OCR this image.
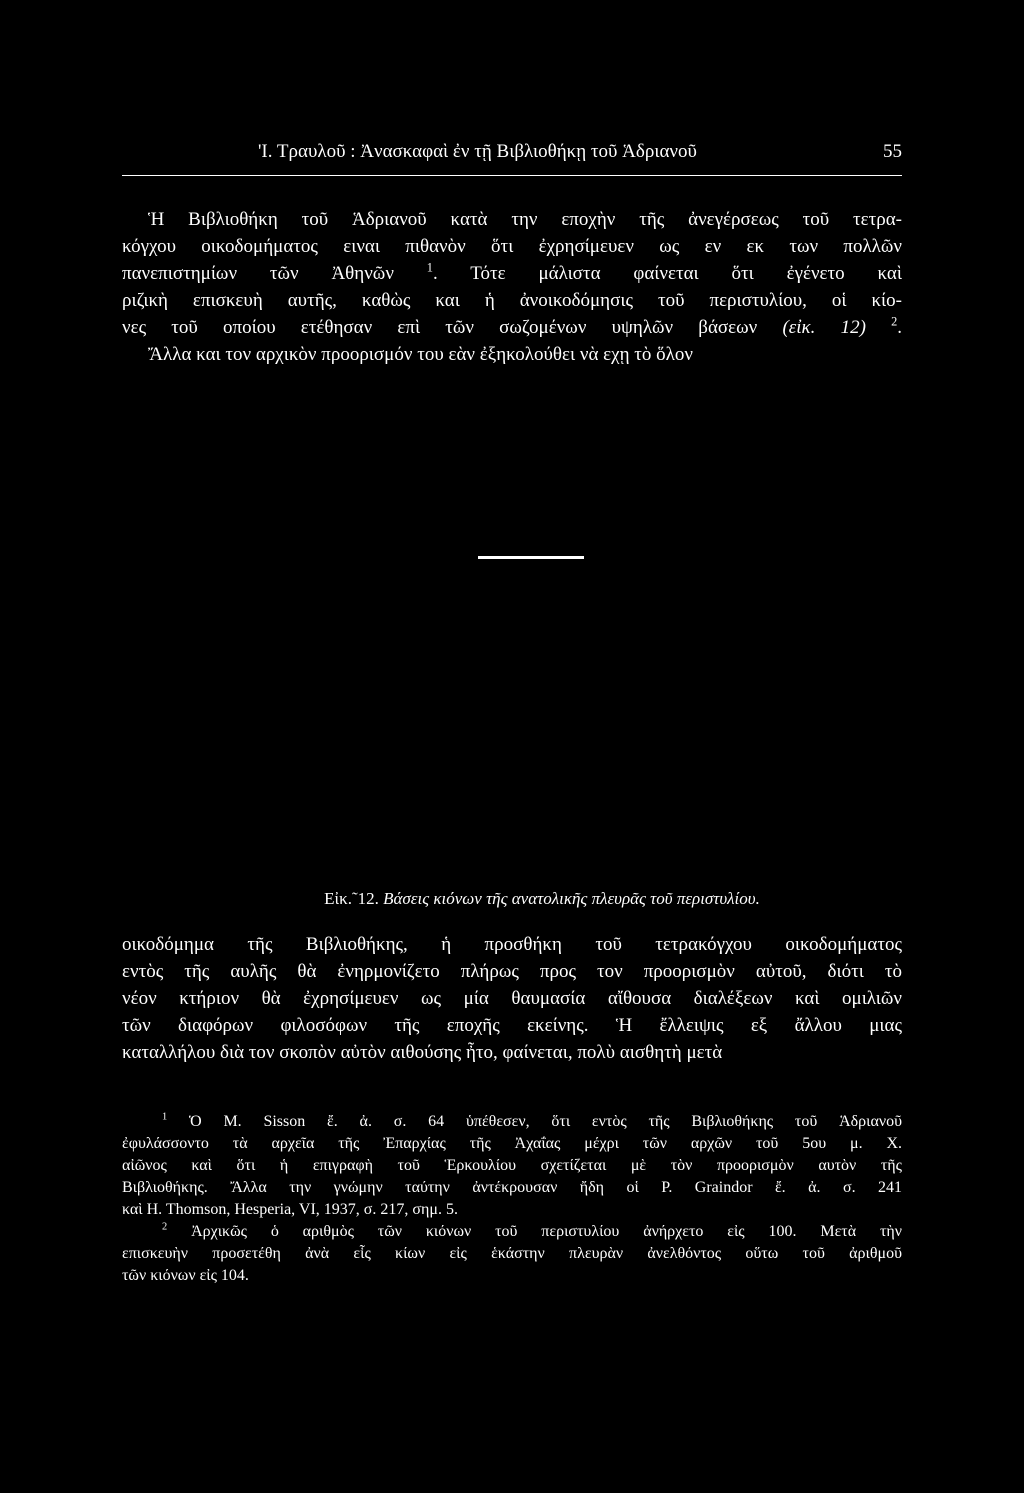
'Ι. Τραυλοῦ : Ἀνασκαφαὶ ἐν τῇ Βιβλιοθήκῃ τοῦ Ἁδριανοῦ	55
Ἡ Βιβλιοθήκη τοῦ Ἁδριανοῦ κατὰ την εποχὴν τῆς ἀνεγέρσεως τοῦ τετρα-
κόγχου οικοδομήματος ειναι πιθανὸν ὅτι ἐχρησίμευεν ως εν εκ των πολλῶν
πανεπιστημίων τῶν Ἀθηνῶν	$^1$. Τότε μάλιστα φαίνεται ὅτι ἐγένετο καὶ
ριζικὴ επισκευὴ αυτῆς, καθὼς και ἡ ἀνοικοδόμησις τοῦ περιστυλίου, οἱ κίο-
νες τοῦ οποίου ετέθησαν επὶ τῶν σωζομένων υψηλῶν βάσεων (εἰκ. 12) $^2$.
Ἄλλα και τον αρχικὸν προορισμόν του εὰν ἐξηκολούθει νὰ εχῃ τὸ ὅλον
Εἰκ.˜12. Βάσεις κιόνων τῆς ανατολικῆς πλευρᾶς τοῦ περιστυλίου.
οικοδόμημα τῆς Βιβλιοθήκης, ἡ προσθήκη τοῦ τετρακόγχου οικοδομήματος
εντὸς τῆς αυλῆς θὰ ἐνηρμονίζετο πλήρως προς τον προορισμὸν αὐτοῦ, διότι τὸ
νέον κτήριον θὰ ἐχρησίμευεν ως μία θαυμασία αἴθουσα διαλέξεων καὶ ομιλιῶν
τῶν διαφόρων φιλοσόφων τῆς εποχῆς εκείνης. Ἡ ἔλλειψις εξ ἄλλου μιας
καταλλήλου διὰ τον σκοπὸν αὐτὸν αιθούσης ἦτο, φαίνεται, πολὺ αισθητὴ μετὰ
$^1$ Ὁ Μ. Sisson ἔ. ἀ. σ. 64 ὑπέθεσεν, ὅτι εντὸς τῆς Βιβλιοθήκης τοῦ Ἁδριανοῦ
ἐφυλάσσοντο τὰ αρχεῖα τῆς Ἐπαρχίας τῆς Ἀχαΐας μέχρι τῶν αρχῶν τοῦ 5ου μ. Χ.
αἰῶνος καὶ ὅτι ἡ επιγραφὴ τοῦ Ἑρκουλίου σχετίζεται μὲ τὸν προορισμὸν αυτὸν τῆς
Βιβλιοθήκης. Ἄλλα την γνώμην ταύτην ἀντέκρουσαν ἤδη οἱ P. Graindor ἔ. ἀ. σ. 241
καὶ H. Thomson, Hesperia, VI, 1937, σ. 217, σημ. 5.
$^2$ Ἀρχικῶς ὁ αριθμὸς τῶν κιόνων τοῦ περιστυλίου ἀνήρχετο εἰς 100. Μετὰ τὴν
επισκευὴν προσετέθη ἀνὰ εἷς κίων εἰς ἑκάστην πλευρὰν ἀνελθόντος οὕτω τοῦ ἀριθμοῦ
τῶν κιόνων εἰς 104.
